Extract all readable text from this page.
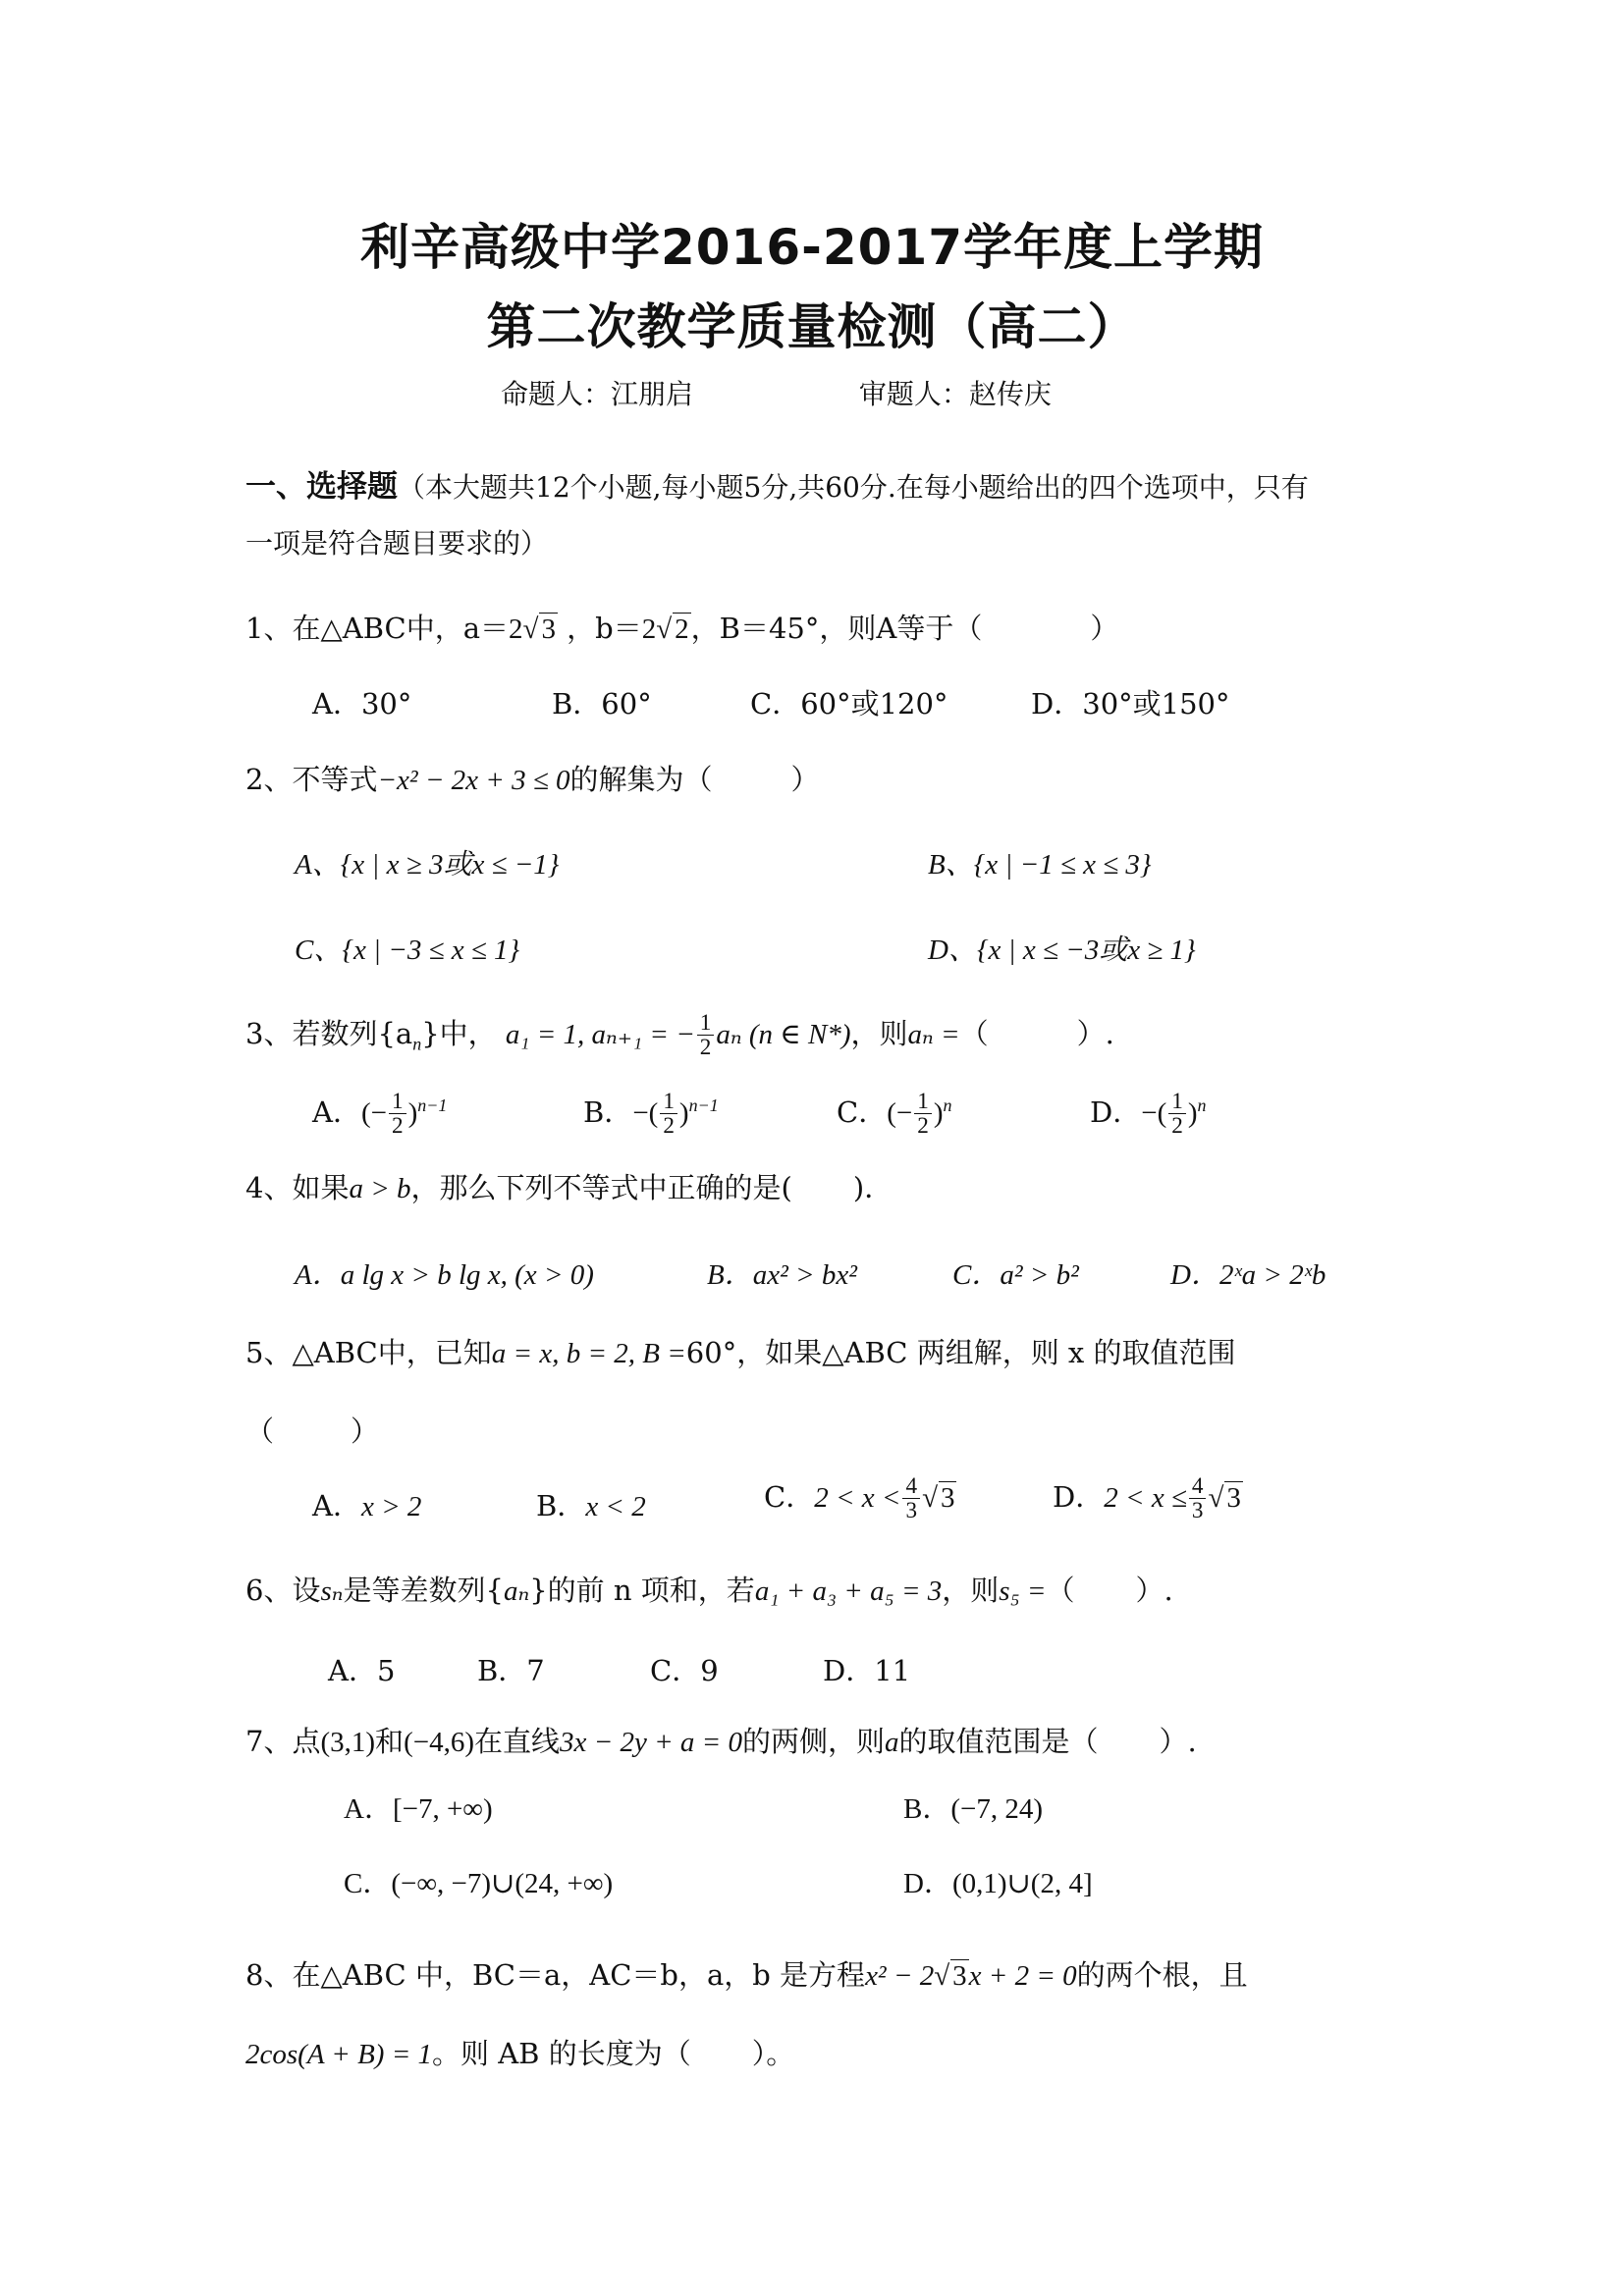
利辛高级中学2016-2017学年度上学期
第二次教学质量检测（高二）
命题人：江朋启	审题人：赵传庆
一、选择题（本大题共12个小题,每小题5分,共60分.在每小题给出的四个选项中，只有
一项是符合题目要求的）
1、在△ABC中，a＝2√ 3 ，b＝2√ 2，B＝45°，则A等于（	）
A．30°	B．60°	C．60°或120°	D．30°或150°
2、不等式−x² − 2x + 3 ≤ 0的解集为（	）
A、{x | x ≥ 3或x ≤ −1}	B、{x | −1 ≤ x ≤ 3}
C、{x | −3 ≤ x ≤ 1}	D、{x | x ≤ −3或x ≥ 1}
3、若数列$\{a_n\}$中， a₁ = 1, aₙ₊₁ = − $\frac{1}{2}$ aₙ (n ∈ N*)，则aₙ =（	）.
A．(− $\frac{1}{2} )^{n-1}$	B．−( $\frac{1}{2} )^{n-1}$	C．(− $\frac{1}{2} )^n$	D．−( $\frac{1}{2} )^n$
4、如果a > b，那么下列不等式中正确的是( )．
A．a lg x > b lg x, (x > 0)	B．ax² > bx²	C．a² > b²	D．2ˣa > 2ˣb
5、△ABC中，已知a = x, b = 2, B =60°，如果△ABC 两组解，则 x 的取值范围
（	）
A．x > 2	B．x < 2	C．$2 < x < \frac{4}{3}$ √ 3	D．$2 < x \le \frac{4}{3}$ √ 3
6、设sₙ是等差数列{aₙ}的前 n 项和，若a₁ + a₃ + a₅ = 3，则s₅ =（ ）.
A．5	B．7	C．9	D．11
7、点(3,1)和(−4,6)在直线3x − 2y + a = 0的两侧，则a的取值范围是（ ）.
A．[−7, +∞)	B．(−7, 24)
C．(−∞, −7)∪(24, +∞)	D．(0,1)∪(2, 4]
8、在△ABC 中，BC＝a，AC＝b，a，b 是方程x² − 2√ 3x + 2 = 0的两个根，且
2cos(A + B) = 1。则 AB 的长度为（ ）。
